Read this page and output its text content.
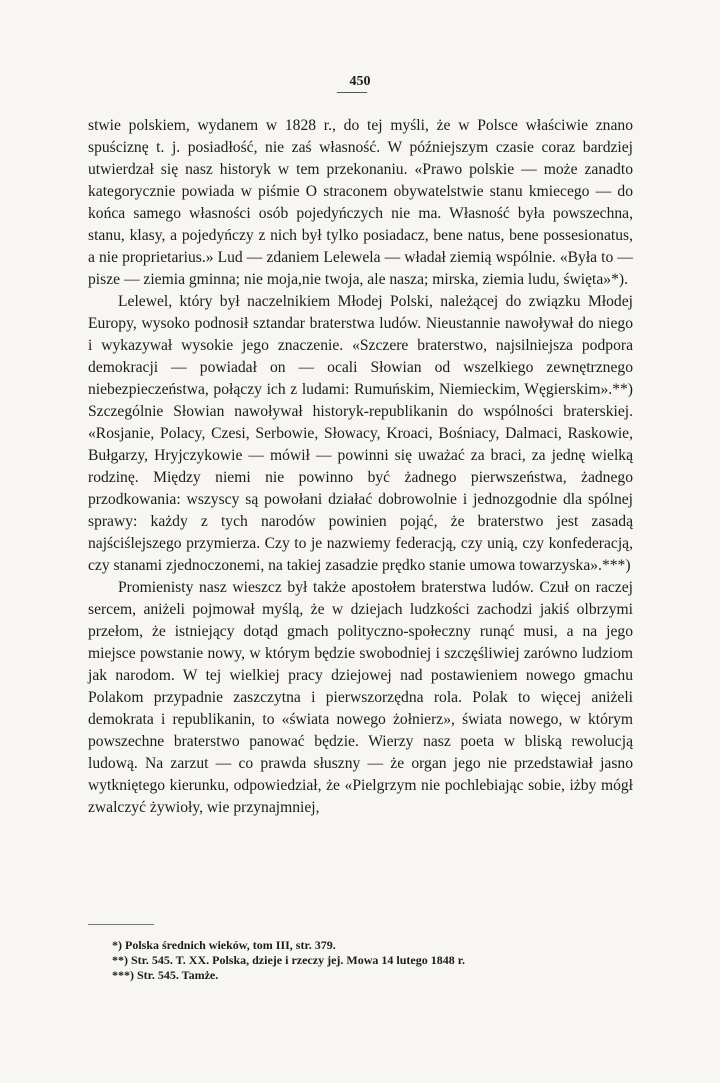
450

stwie polskiem, wydanem w 1828 r., do tej myśli, że w Polsce właściwie znano spuściznę t. j. posiadłość, nie zaś własność. W późniejszym czasie coraz bardziej utwierdzał się nasz historyk w tem przekonaniu. «Prawo polskie — może zanadto kategorycznie powiada w piśmie O straconem obywatelstwie stanu kmiecego — do końca samego własności osób pojedyńczych nie ma. Własność była powszechna, stanu, klasy, a pojedyńczy z nich był tylko posiadacz, bene natus, bene possesionatus, a nie proprietarius.» Lud — zdaniem Lelewela — władał ziemią wspólnie. «Była to — pisze — ziemia gminna; nie moja,nie twoja, ale nasza; mirska, ziemia ludu, święta»*).

Lelewel, który był naczelnikiem Młodej Polski, należącej do związku Młodej Europy, wysoko podnosił sztandar braterstwa ludów. Nieustannie nawoływał do niego i wykazywał wysokie jego znaczenie. «Szczere braterstwo, najsilniejsza podpora demokracji — powiadał on — ocali Słowian od wszelkiego zewnętrznego niebezpieczeństwa, połączy ich z ludami: Rumuńskim, Niemieckim, Węgierskim».**) Szczególnie Słowian nawoływał historyk-republikanin do wspólności braterskiej. «Rosjanie, Polacy, Czesi, Serbowie, Słowacy, Kroaci, Bośniacy, Dalmaci, Raskowie, Bułgarzy, Hryjczykowie — mówił — powinni się uważać za braci, za jednę wielką rodzinę. Między niemi nie powinno być żadnego pierwszeństwa, żadnego przodkowania: wszyscy są powołani działać dobrowolnie i jednozgodnie dla spólnej sprawy: każdy z tych narodów powinien pojąć, że braterstwo jest zasadą najściślejszego przymierza. Czy to je nazwiemy federacją, czy unią, czy konfederacją, czy stanami zjednoczonemi, na takiej zasadzie prędko stanie umowa towarzyska».***)

Promienisty nasz wieszcz był także apostołem braterstwa ludów. Czuł on raczej sercem, aniżeli pojmował myślą, że w dziejach ludzkości zachodzi jakiś olbrzymi przełom, że istniejący dotąd gmach polityczno-społeczny runąć musi, a na jego miejsce powstanie nowy, w którym będzie swobodniej i szczęśliwiej zarówno ludziom jak narodom. W tej wielkiej pracy dziejowej nad postawieniem nowego gmachu Polakom przypadnie zaszczytna i pierwszorzędna rola. Polak to więcej aniżeli demokrata i republikanin, to «świata nowego żołnierz», świata nowego, w którym powszechne braterstwo panować będzie. Wierzy nasz poeta w bliską rewolucją ludową. Na zarzut — co prawda słuszny — że organ jego nie przedstawiał jasno wytkniętego kierunku, odpowiedział, że «Pielgrzym nie pochlebiając sobie, iżby mógł zwalczyć żywioły, wie przynajmniej,

*) Polska średnich wieków, tom III, str. 379.
**) Str. 545. T. XX. Polska, dzieje i rzeczy jej. Mowa 14 lutego 1848 r.
***) Str. 545. Tamże.
